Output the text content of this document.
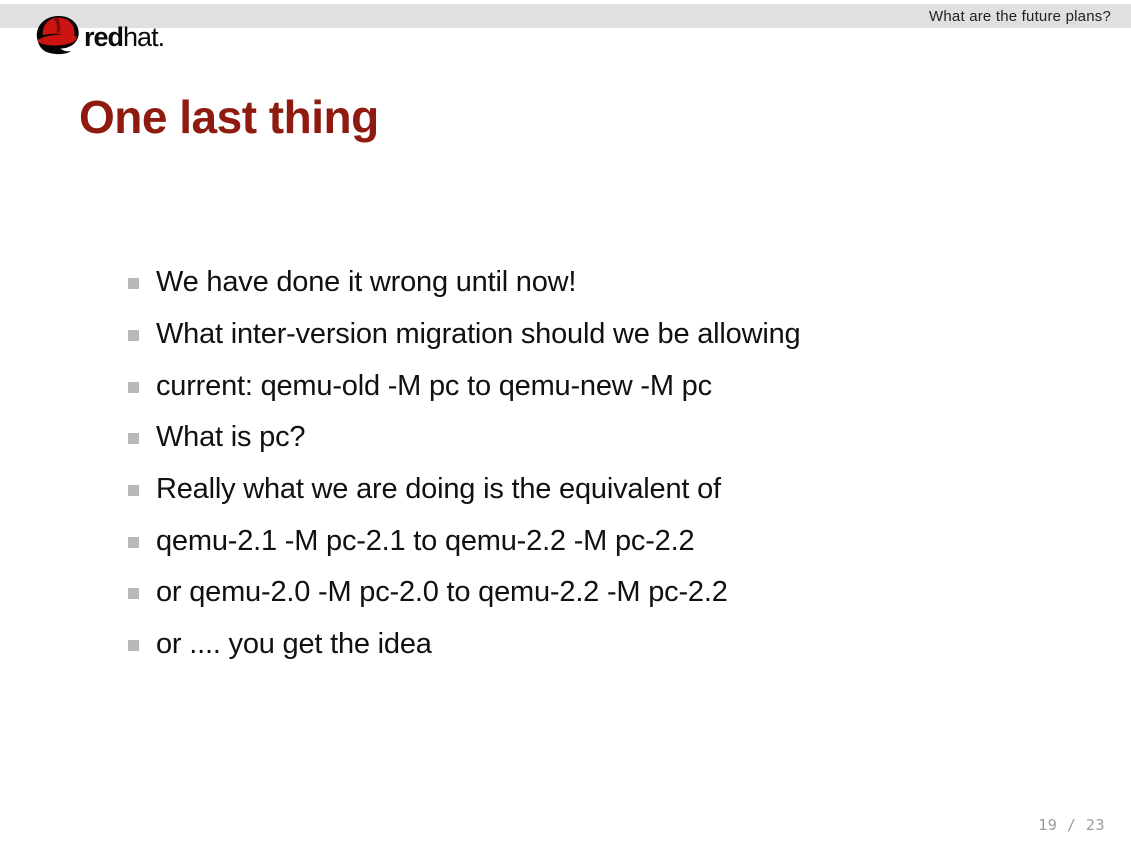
What are the future plans?
redhat.
One last thing
We have done it wrong until now!
What inter-version migration should we be allowing
current: qemu-old -M pc to qemu-new -M pc
What is pc?
Really what we are doing is the equivalent of
qemu-2.1 -M pc-2.1 to qemu-2.2 -M pc-2.2
or qemu-2.0 -M pc-2.0 to qemu-2.2 -M pc-2.2
or .... you get the idea
19 / 23
